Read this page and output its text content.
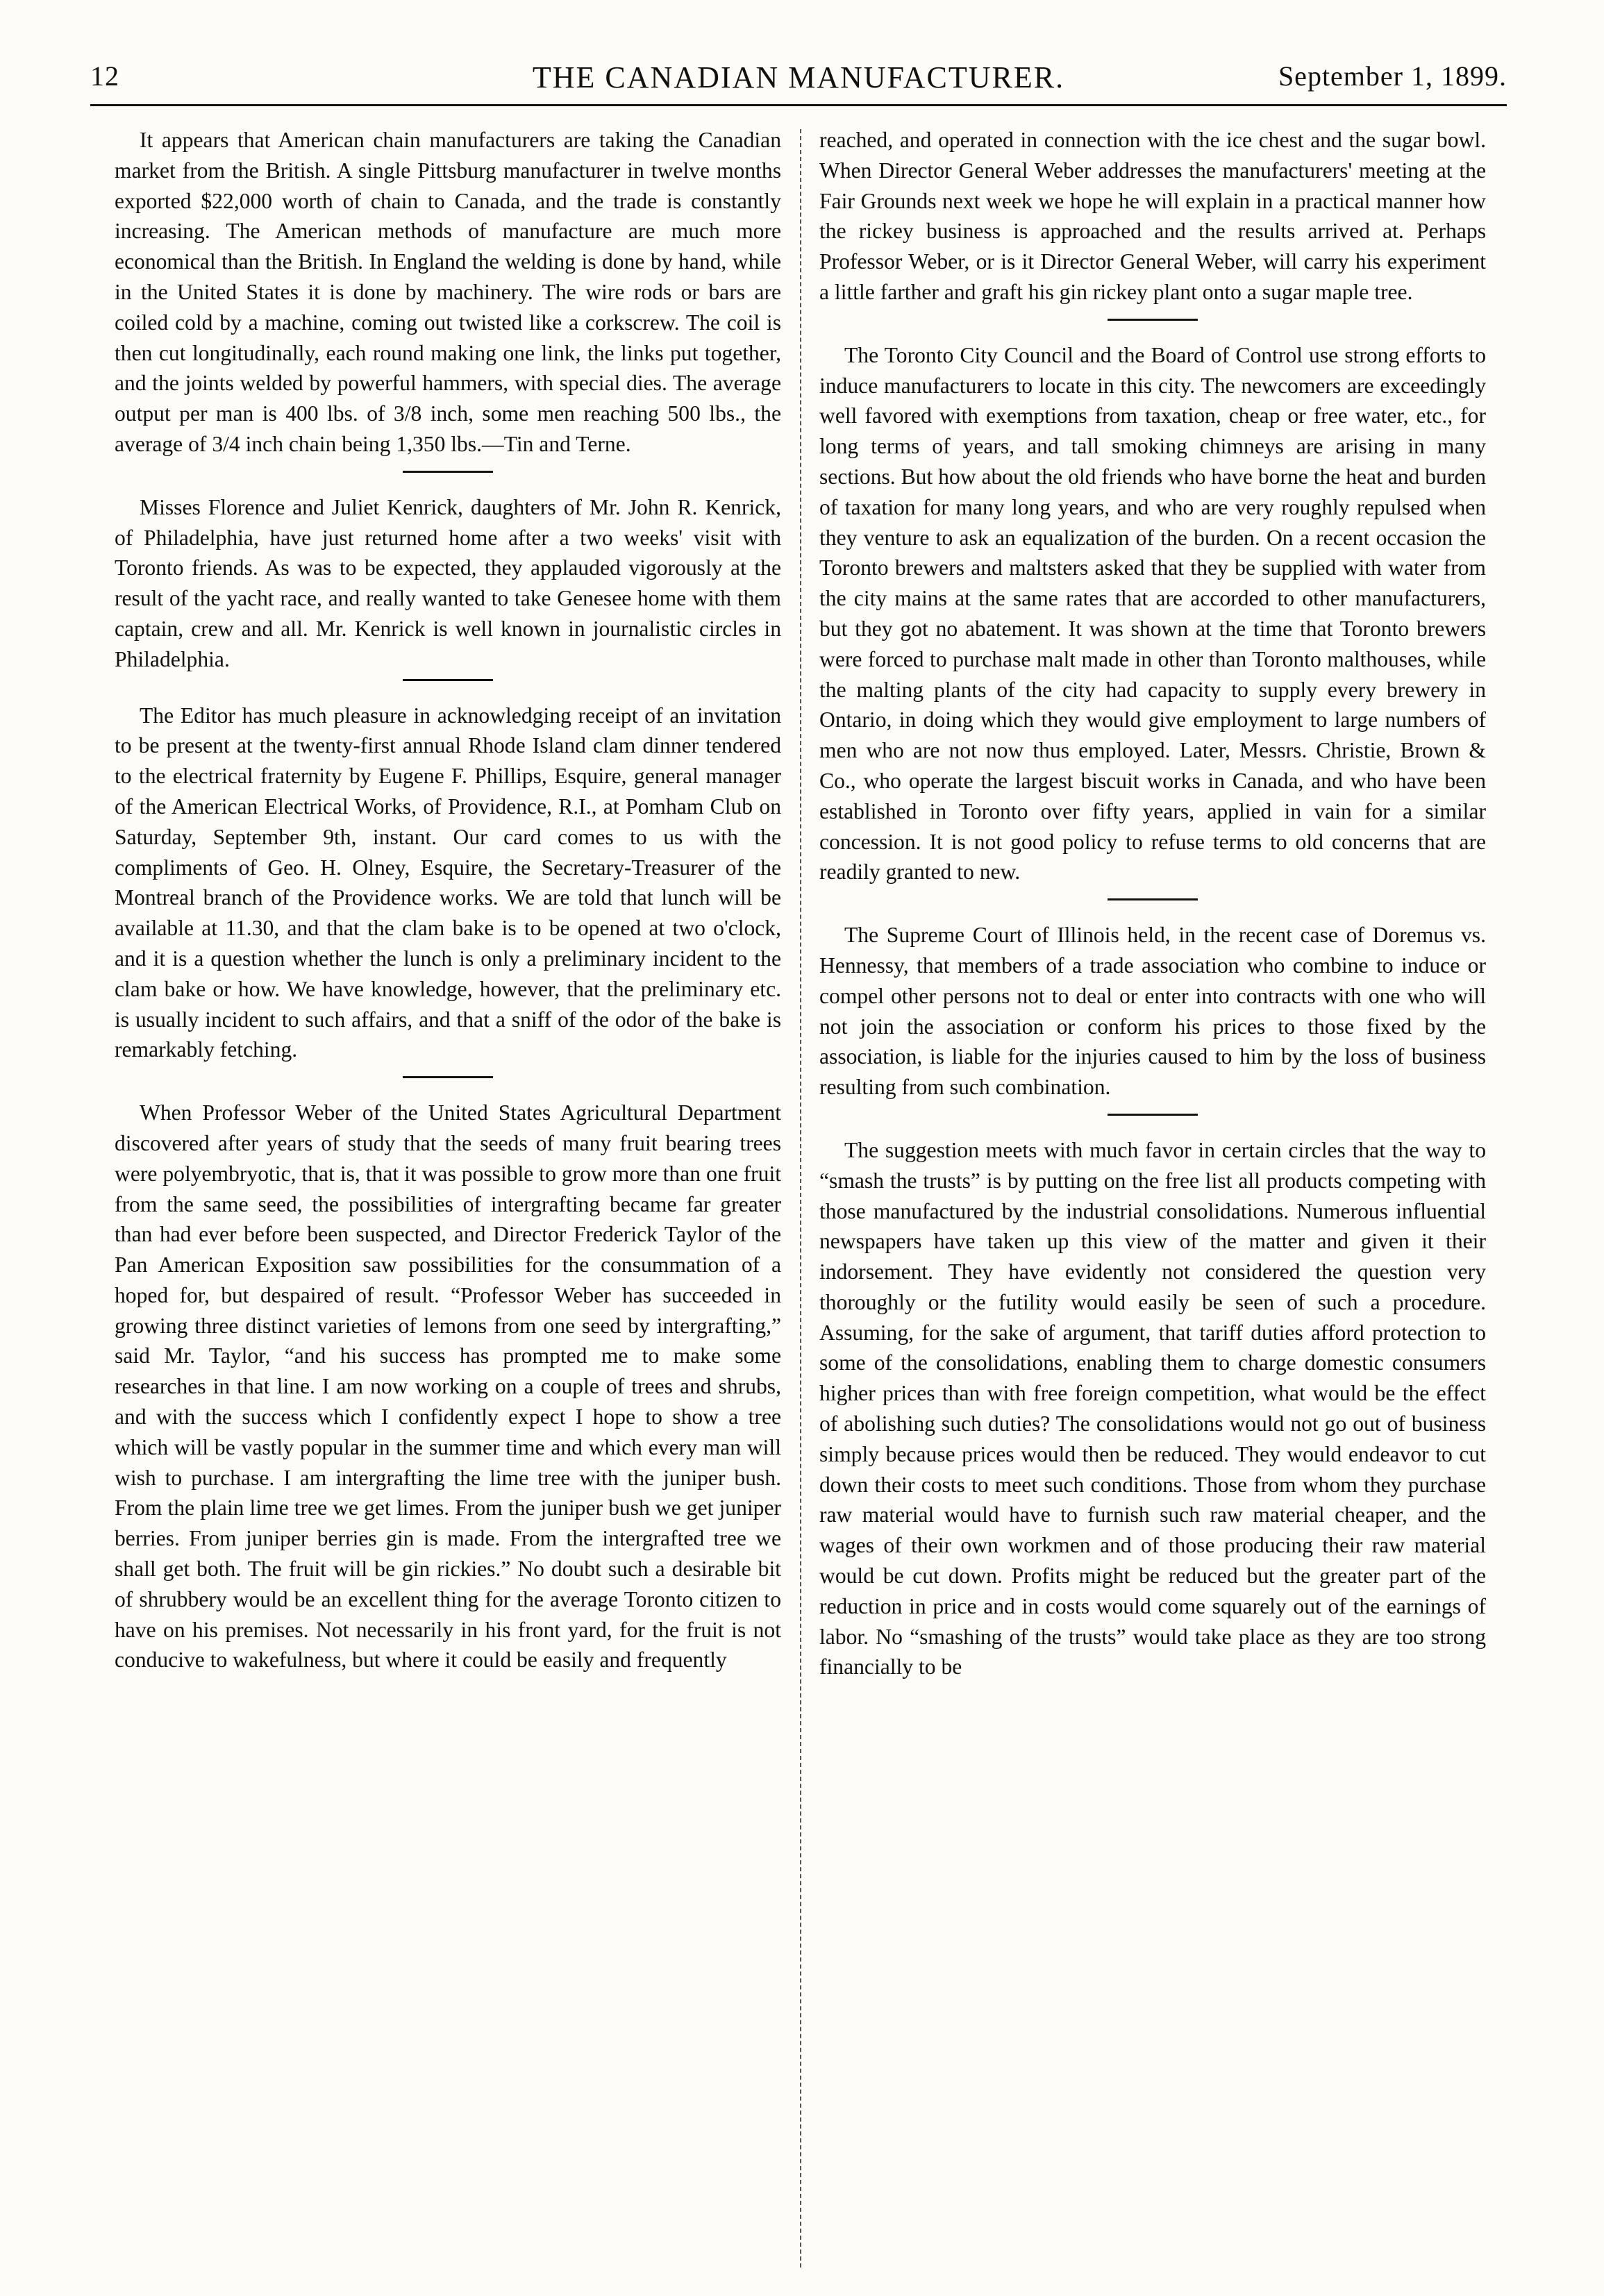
12	THE CANADIAN MANUFACTURER.	September 1, 1899.

It appears that American chain manufacturers are taking the Canadian market from the British. A single Pittsburg manufacturer in twelve months exported $22,000 worth of chain to Canada, and the trade is constantly increasing. The American methods of manufacture are much more economical than the British. In England the welding is done by hand, while in the United States it is done by machinery. The wire rods or bars are coiled cold by a machine, coming out twisted like a corkscrew. The coil is then cut longitudinally, each round making one link, the links put together, and the joints welded by powerful hammers, with special dies. The average output per man is 400 lbs. of 3/8 inch, some men reaching 500 lbs., the average of 3/4 inch chain being 1,350 lbs.—Tin and Terne.

Misses Florence and Juliet Kenrick, daughters of Mr. John R. Kenrick, of Philadelphia, have just returned home after a two weeks' visit with Toronto friends. As was to be expected, they applauded vigorously at the result of the yacht race, and really wanted to take Genesee home with them captain, crew and all. Mr. Kenrick is well known in journalistic circles in Philadelphia.

The Editor has much pleasure in acknowledging receipt of an invitation to be present at the twenty-first annual Rhode Island clam dinner tendered to the electrical fraternity by Eugene F. Phillips, Esquire, general manager of the American Electrical Works, of Providence, R.I., at Pomham Club on Saturday, September 9th, instant. Our card comes to us with the compliments of Geo. H. Olney, Esquire, the Secretary-Treasurer of the Montreal branch of the Providence works. We are told that lunch will be available at 11.30, and that the clam bake is to be opened at two o'clock, and it is a question whether the lunch is only a preliminary incident to the clam bake or how. We have knowledge, however, that the preliminary etc. is usually incident to such affairs, and that a sniff of the odor of the bake is remarkably fetching.

When Professor Weber of the United States Agricultural Department discovered after years of study that the seeds of many fruit bearing trees were polyembryotic, that is, that it was possible to grow more than one fruit from the same seed, the possibilities of intergrafting became far greater than had ever before been suspected, and Director Frederick Taylor of the Pan American Exposition saw possibilities for the consummation of a hoped for, but despaired of result. “Professor Weber has succeeded in growing three distinct varieties of lemons from one seed by intergrafting,” said Mr. Taylor, “and his success has prompted me to make some researches in that line. I am now working on a couple of trees and shrubs, and with the success which I confidently expect I hope to show a tree which will be vastly popular in the summer time and which every man will wish to purchase. I am intergrafting the lime tree with the juniper bush. From the plain lime tree we get limes. From the juniper bush we get juniper berries. From juniper berries gin is made. From the intergrafted tree we shall get both. The fruit will be gin rickies.” No doubt such a desirable bit of shrubbery would be an excellent thing for the average Toronto citizen to have on his premises. Not necessarily in his front yard, for the fruit is not conducive to wakefulness, but where it could be easily and frequently

reached, and operated in connection with the ice chest and the sugar bowl. When Director General Weber addresses the manufacturers' meeting at the Fair Grounds next week we hope he will explain in a practical manner how the rickey business is approached and the results arrived at. Perhaps Professor Weber, or is it Director General Weber, will carry his experiment a little farther and graft his gin rickey plant onto a sugar maple tree.

The Toronto City Council and the Board of Control use strong efforts to induce manufacturers to locate in this city. The newcomers are exceedingly well favored with exemptions from taxation, cheap or free water, etc., for long terms of years, and tall smoking chimneys are arising in many sections. But how about the old friends who have borne the heat and burden of taxation for many long years, and who are very roughly repulsed when they venture to ask an equalization of the burden. On a recent occasion the Toronto brewers and maltsters asked that they be supplied with water from the city mains at the same rates that are accorded to other manufacturers, but they got no abatement. It was shown at the time that Toronto brewers were forced to purchase malt made in other than Toronto malthouses, while the malting plants of the city had capacity to supply every brewery in Ontario, in doing which they would give employment to large numbers of men who are not now thus employed. Later, Messrs. Christie, Brown & Co., who operate the largest biscuit works in Canada, and who have been established in Toronto over fifty years, applied in vain for a similar concession. It is not good policy to refuse terms to old concerns that are readily granted to new.

The Supreme Court of Illinois held, in the recent case of Doremus vs. Hennessy, that members of a trade association who combine to induce or compel other persons not to deal or enter into contracts with one who will not join the association or conform his prices to those fixed by the association, is liable for the injuries caused to him by the loss of business resulting from such combination.

The suggestion meets with much favor in certain circles that the way to “smash the trusts” is by putting on the free list all products competing with those manufactured by the industrial consolidations. Numerous influential newspapers have taken up this view of the matter and given it their indorsement. They have evidently not considered the question very thoroughly or the futility would easily be seen of such a procedure. Assuming, for the sake of argument, that tariff duties afford protection to some of the consolidations, enabling them to charge domestic consumers higher prices than with free foreign competition, what would be the effect of abolishing such duties? The consolidations would not go out of business simply because prices would then be reduced. They would endeavor to cut down their costs to meet such conditions. Those from whom they purchase raw material would have to furnish such raw material cheaper, and the wages of their own workmen and of those producing their raw material would be cut down. Profits might be reduced but the greater part of the reduction in price and in costs would come squarely out of the earnings of labor. No “smashing of the trusts” would take place as they are too strong financially to be
